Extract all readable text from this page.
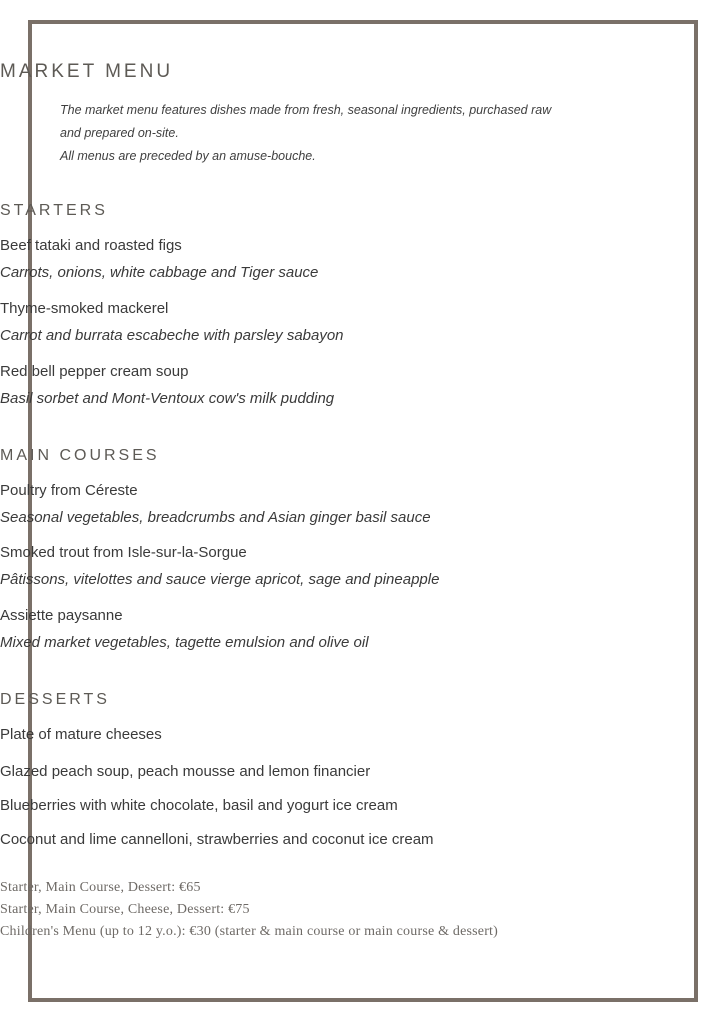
MARKET MENU
The market menu features dishes made from fresh, seasonal ingredients, purchased raw
and prepared on-site.
All menus are preceded by an amuse-bouche.
STARTERS
Beef tataki and roasted figs
Carrots, onions, white cabbage and Tiger sauce
Thyme-smoked mackerel
Carrot and burrata escabeche with parsley sabayon
Red bell pepper cream soup
Basil sorbet and Mont-Ventoux cow's milk pudding
MAIN COURSES
Poultry from Céreste
Seasonal vegetables, breadcrumbs and Asian ginger basil sauce
Smoked trout from Isle-sur-la-Sorgue
Pâtissons, vitelottes and sauce vierge apricot, sage and pineapple
Assiette paysanne
Mixed market vegetables, tagette emulsion and olive oil
DESSERTS
Plate of mature cheeses
Glazed peach soup, peach mousse and lemon financier
Blueberries with white chocolate, basil and yogurt ice cream
Coconut and lime cannelloni, strawberries and coconut ice cream
Starter, Main Course, Dessert: €65
Starter, Main Course, Cheese, Dessert: €75
Children's Menu (up to 12 y.o.): €30 (starter & main course or main course & dessert)
